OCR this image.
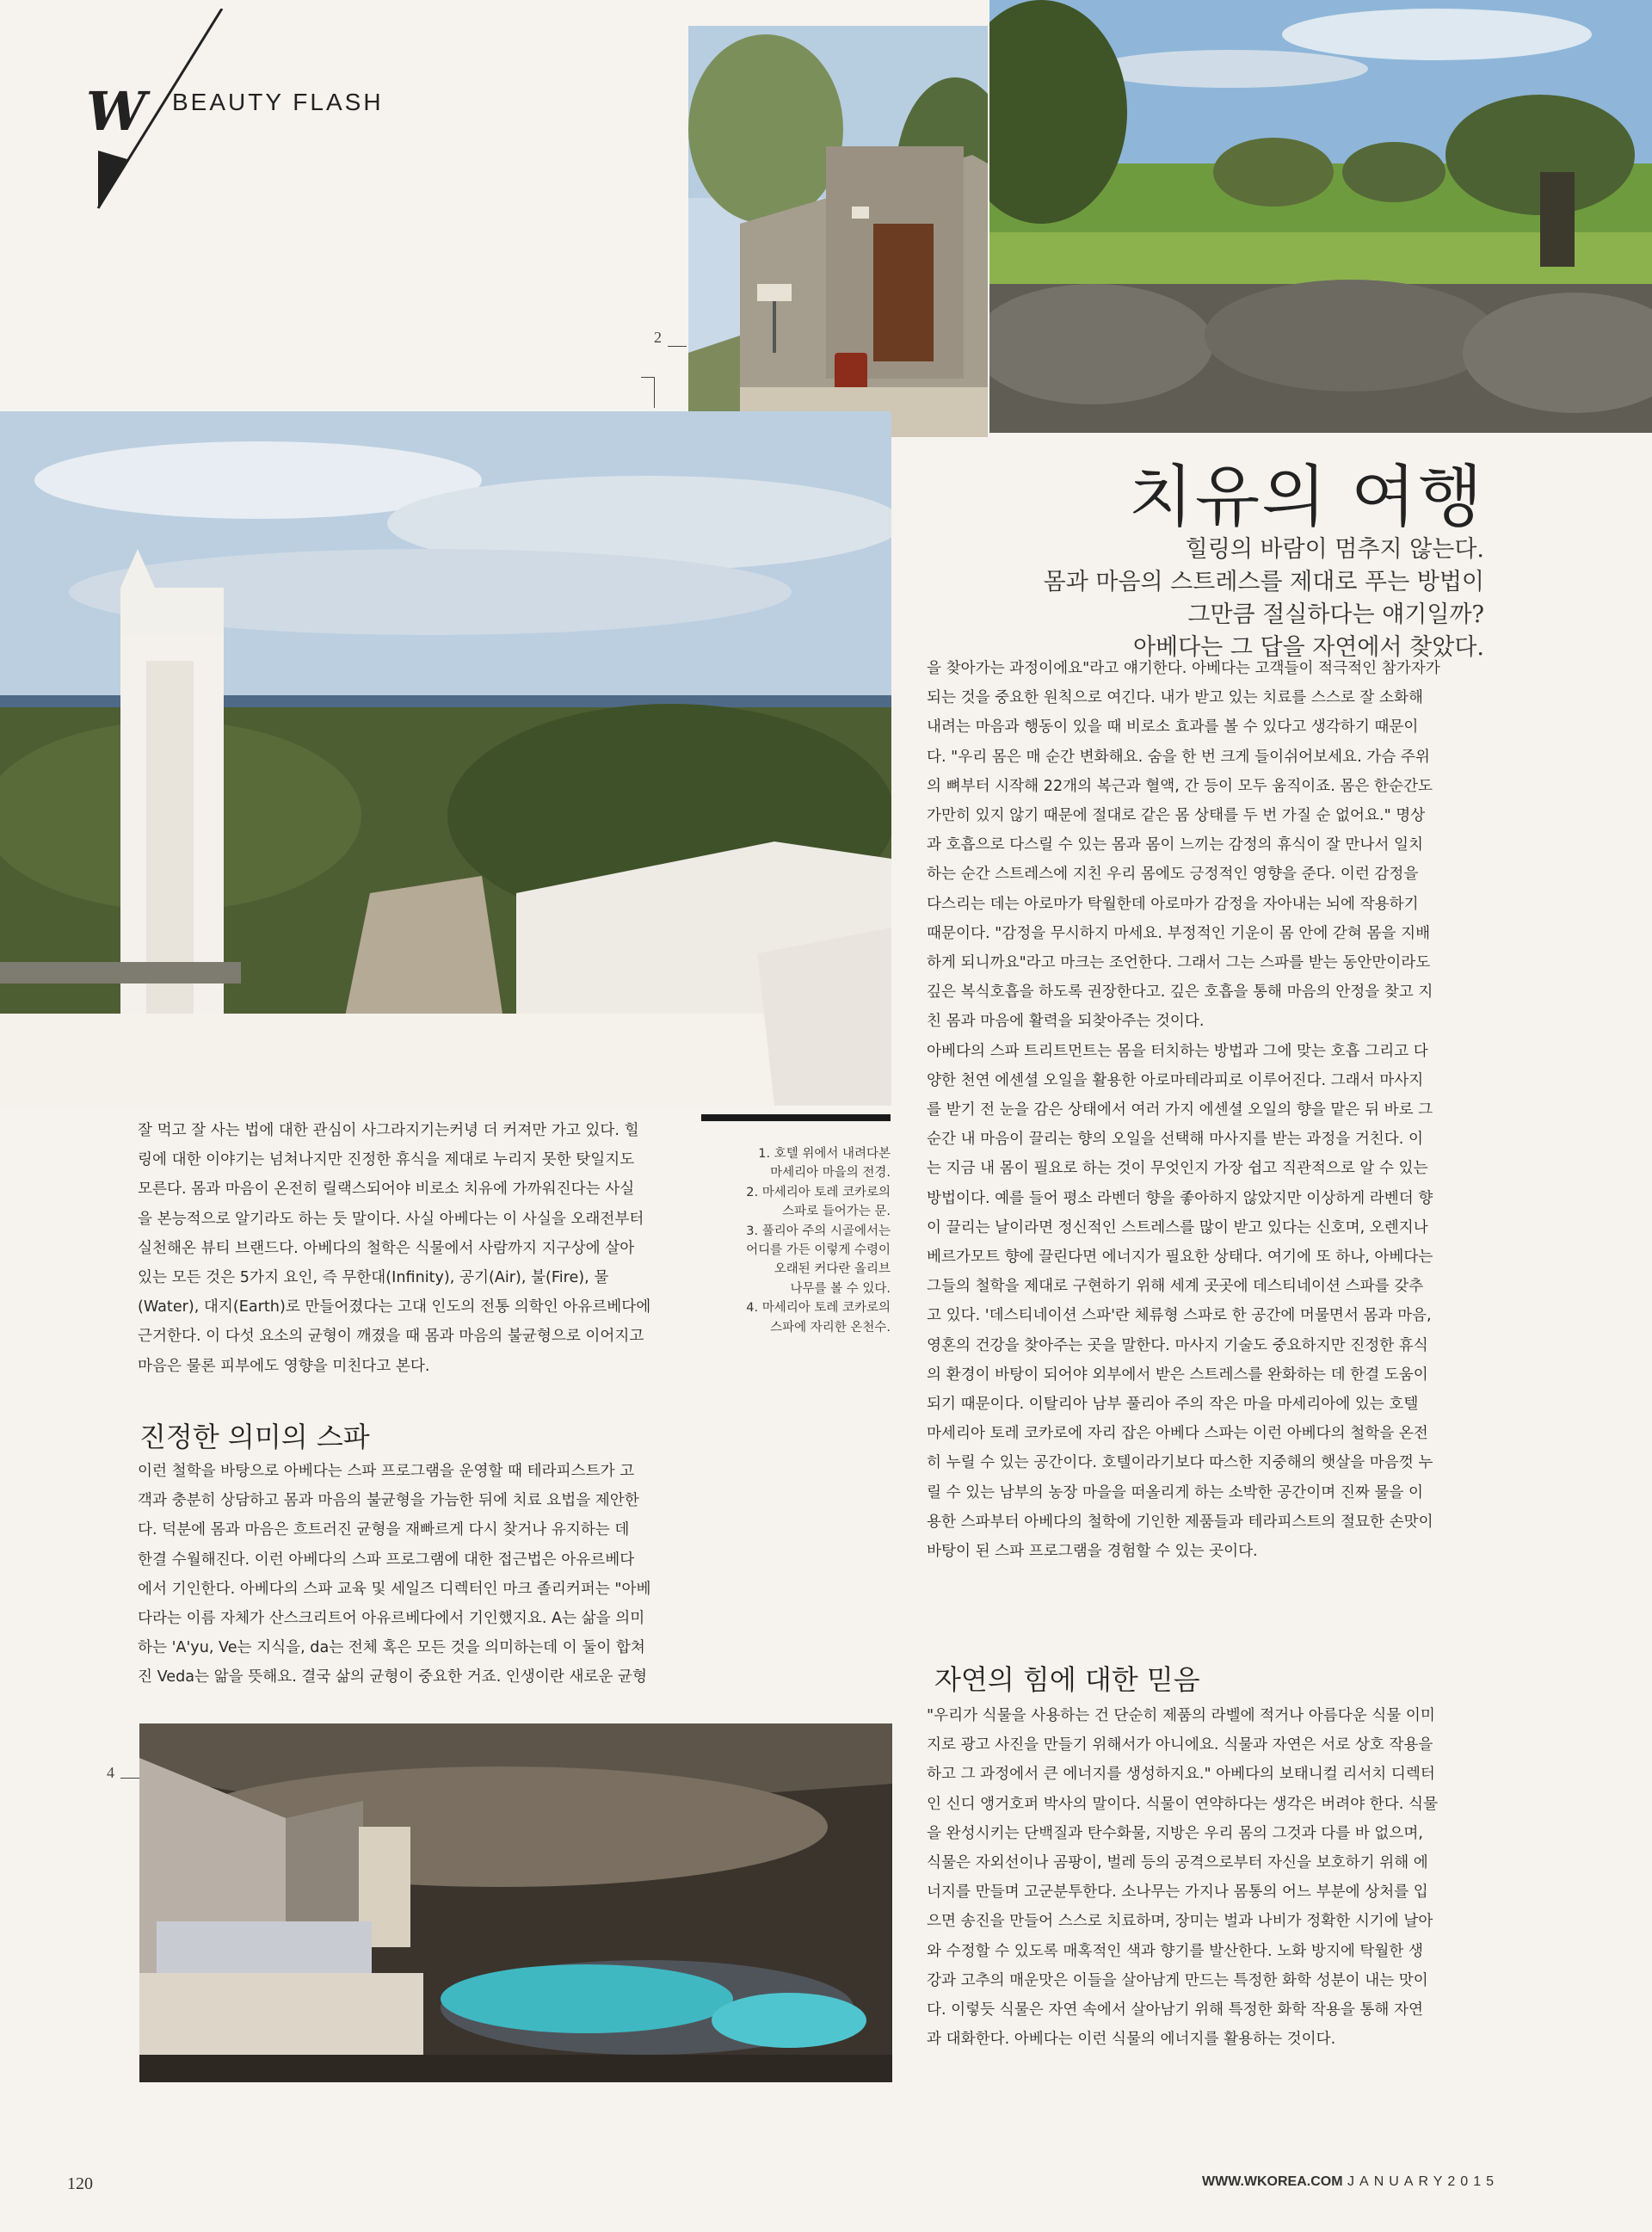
W BEAUTY FLASH
2
치유의 여행
힐링의 바람이 멈추지 않는다.
몸과 마음의 스트레스를 제대로 푸는 방법이
그만큼 절실하다는 얘기일까?
아베다는 그 답을 자연에서 찾았다.

잘 먹고 잘 사는 법에 대한 관심이 사그라지기는커녕 더 커져만 가고 있다. 힐

링에 대한 이야기는 넘쳐나지만 진정한 휴식을 제대로 누리지 못한 탓일지도

모른다. 몸과 마음이 온전히 릴랙스되어야 비로소 치유에 가까워진다는 사실

을 본능적으로 알기라도 하는 듯 말이다. 사실 아베다는 이 사실을 오래전부터

실천해온 뷰티 브랜드다. 아베다의 철학은 식물에서 사람까지 지구상에 살아

있는 모든 것은 5가지 요인, 즉 무한대(Infinity), 공기(Air), 불(Fire), 물

(Water), 대지(Earth)로 만들어졌다는 고대 인도의 전통 의학인 아유르베다에

근거한다. 이 다섯 요소의 균형이 깨졌을 때 몸과 마음의 불균형으로 이어지고

마음은 물론 피부에도 영향을 미친다고 본다.

1. 호텔 위에서 내려다본
마세리아 마을의 전경.
2. 마세리아 토레 코카로의
스파로 들어가는 문.
3. 풀리아 주의 시골에서는
어디를 가든 이렇게 수령이
오래된 커다란 올리브
나무를 볼 수 있다.
4. 마세리아 토레 코카로의
스파에 자리한 온천수.
진정한 의미의 스파

이런 철학을 바탕으로 아베다는 스파 프로그램을 운영할 때 테라피스트가 고

객과 충분히 상담하고 몸과 마음의 불균형을 가늠한 뒤에 치료 요법을 제안한

다. 덕분에 몸과 마음은 흐트러진 균형을 재빠르게 다시 찾거나 유지하는 데

한결 수월해진다. 이런 아베다의 스파 프로그램에 대한 접근법은 아유르베다

에서 기인한다. 아베다의 스파 교육 및 세일즈 디렉터인 마크 졸리커퍼는 "아베

다라는 이름 자체가 산스크리트어 아유르베다에서 기인했지요. A는 삶을 의미

하는 'A'yu, Ve는 지식을, da는 전체 혹은 모든 것을 의미하는데 이 둘이 합쳐

진 Veda는 앎을 뜻해요. 결국 삶의 균형이 중요한 거죠. 인생이란 새로운 균형

4

을 찾아가는 과정이에요"라고 얘기한다. 아베다는 고객들이 적극적인 참가자가

되는 것을 중요한 원칙으로 여긴다. 내가 받고 있는 치료를 스스로 잘 소화해

내려는 마음과 행동이 있을 때 비로소 효과를 볼 수 있다고 생각하기 때문이

다. "우리 몸은 매 순간 변화해요. 숨을 한 번 크게 들이쉬어보세요. 가슴 주위

의 뼈부터 시작해 22개의 복근과 혈액, 간 등이 모두 움직이죠. 몸은 한순간도

가만히 있지 않기 때문에 절대로 같은 몸 상태를 두 번 가질 순 없어요." 명상

과 호흡으로 다스릴 수 있는 몸과 몸이 느끼는 감정의 휴식이 잘 만나서 일치

하는 순간 스트레스에 지친 우리 몸에도 긍정적인 영향을 준다. 이런 감정을

다스리는 데는 아로마가 탁월한데 아로마가 감정을 자아내는 뇌에 작용하기

때문이다. "감정을 무시하지 마세요. 부정적인 기운이 몸 안에 갇혀 몸을 지배

하게 되니까요"라고 마크는 조언한다. 그래서 그는 스파를 받는 동안만이라도

깊은 복식호흡을 하도록 권장한다고. 깊은 호흡을 통해 마음의 안정을 찾고 지

친 몸과 마음에 활력을 되찾아주는 것이다.

아베다의 스파 트리트먼트는 몸을 터치하는 방법과 그에 맞는 호흡 그리고 다

양한 천연 에센셜 오일을 활용한 아로마테라피로 이루어진다. 그래서 마사지

를 받기 전 눈을 감은 상태에서 여러 가지 에센셜 오일의 향을 맡은 뒤 바로 그

순간 내 마음이 끌리는 향의 오일을 선택해 마사지를 받는 과정을 거친다. 이

는 지금 내 몸이 필요로 하는 것이 무엇인지 가장 쉽고 직관적으로 알 수 있는

방법이다. 예를 들어 평소 라벤더 향을 좋아하지 않았지만 이상하게 라벤더 향

이 끌리는 날이라면 정신적인 스트레스를 많이 받고 있다는 신호며, 오렌지나

베르가모트 향에 끌린다면 에너지가 필요한 상태다. 여기에 또 하나, 아베다는

그들의 철학을 제대로 구현하기 위해 세계 곳곳에 데스티네이션 스파를 갖추

고 있다. '데스티네이션 스파'란 체류형 스파로 한 공간에 머물면서 몸과 마음,

영혼의 건강을 찾아주는 곳을 말한다. 마사지 기술도 중요하지만 진정한 휴식

의 환경이 바탕이 되어야 외부에서 받은 스트레스를 완화하는 데 한결 도움이

되기 때문이다. 이탈리아 남부 풀리아 주의 작은 마을 마세리아에 있는 호텔

마세리아 토레 코카로에 자리 잡은 아베다 스파는 이런 아베다의 철학을 온전

히 누릴 수 있는 공간이다. 호텔이라기보다 따스한 지중해의 햇살을 마음껏 누

릴 수 있는 남부의 농장 마을을 떠올리게 하는 소박한 공간이며 진짜 물을 이

용한 스파부터 아베다의 철학에 기인한 제품들과 테라피스트의 절묘한 손맛이

바탕이 된 스파 프로그램을 경험할 수 있는 곳이다.

자연의 힘에 대한 믿음

"우리가 식물을 사용하는 건 단순히 제품의 라벨에 적거나 아름다운 식물 이미

지로 광고 사진을 만들기 위해서가 아니에요. 식물과 자연은 서로 상호 작용을

하고 그 과정에서 큰 에너지를 생성하지요." 아베다의 보태니컬 리서치 디렉터

인 신디 앵거호퍼 박사의 말이다. 식물이 연약하다는 생각은 버려야 한다. 식물

을 완성시키는 단백질과 탄수화물, 지방은 우리 몸의 그것과 다를 바 없으며,

식물은 자외선이나 곰팡이, 벌레 등의 공격으로부터 자신을 보호하기 위해 에

너지를 만들며 고군분투한다. 소나무는 가지나 몸통의 어느 부분에 상처를 입

으면 송진을 만들어 스스로 치료하며, 장미는 벌과 나비가 정확한 시기에 날아

와 수정할 수 있도록 매혹적인 색과 향기를 발산한다. 노화 방지에 탁월한 생

강과 고추의 매운맛은 이들을 살아남게 만드는 특정한 화학 성분이 내는 맛이

다. 이렇듯 식물은 자연 속에서 살아남기 위해 특정한 화학 작용을 통해 자연

과 대화한다. 아베다는 이런 식물의 에너지를 활용하는 것이다.

120	WWW.WKOREA.COM JANUARY2015
